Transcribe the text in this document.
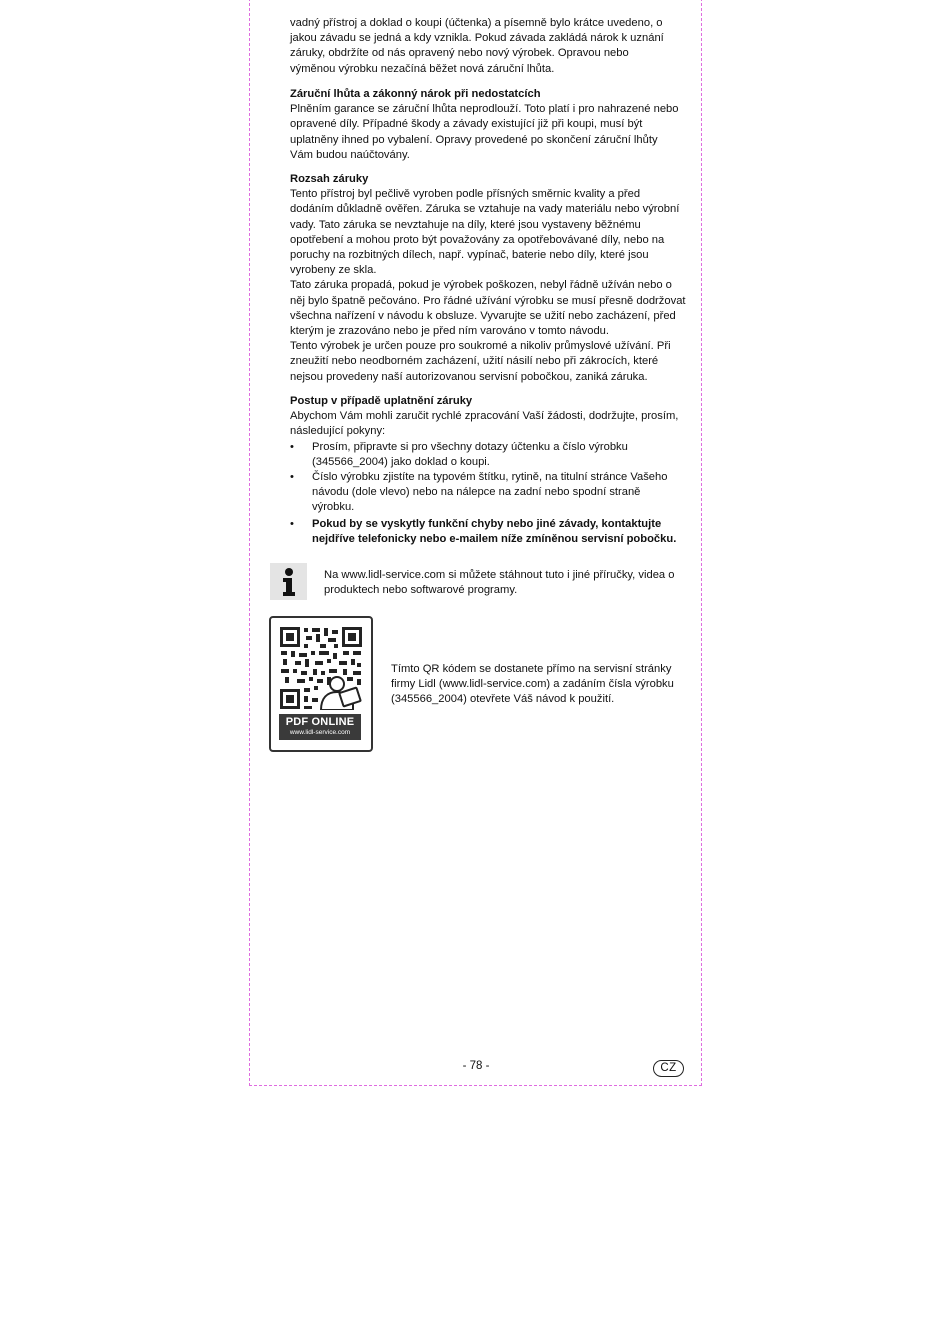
vadný přístroj a doklad o koupi (účtenka) a písemně bylo krátce uvedeno, o

jakou závadu se jedná a kdy vznikla. Pokud závada zakládá nárok k uznání

záruky, obdržíte od nás opravený nebo nový výrobek. Opravou nebo

výměnou výrobku nezačíná běžet nová záruční lhůta.

Záruční lhůta a zákonný nárok při nedostatcích

Plněním garance se záruční lhůta neprodlouží. Toto platí i pro nahrazené nebo

opravené díly. Případné škody a závady existující již při koupi, musí být

uplatněny ihned po vybalení. Opravy provedené po skončení záruční lhůty

Vám budou naúčtovány.

Rozsah záruky

Tento přístroj byl pečlivě vyroben podle přísných směrnic kvality a před

dodáním důkladně ověřen. Záruka se vztahuje na vady materiálu nebo výrobní

vady. Tato záruka se nevztahuje na díly, které jsou vystaveny běžnému

opotřebení a mohou proto být považovány za opotřebovávané díly, nebo na

poruchy na rozbitných dílech, např. vypínač, baterie nebo díly, které jsou

vyrobeny ze skla.

Tato záruka propadá, pokud je výrobek poškozen, nebyl řádně užíván nebo o

něj bylo špatně pečováno. Pro řádné užívání výrobku se musí přesně dodržovat

všechna nařízení v návodu k obsluze. Vyvarujte se užití nebo zacházení, před

kterým je zrazováno nebo je před ním varováno v tomto návodu.

Tento výrobek je určen pouze pro soukromé a nikoliv průmyslové užívání. Při

zneužití nebo neodborném zacházení, užití násilí nebo při zákrocích, které

nejsou provedeny naší autorizovanou servisní pobočkou, zaniká záruka.

Postup v případě uplatnění záruky

Abychom Vám mohli zaručit rychlé zpracování Vaší žádosti, dodržujte, prosím,

následující pokyny:

• Prosím, připravte si pro všechny dotazy účtenku a číslo výrobku
(345566_2004) jako doklad o koupi.
• Číslo výrobku zjistíte na typovém štítku, rytině, na titulní stránce Vašeho
návodu (dole vlevo) nebo na nálepce na zadní nebo spodní straně
výrobku.
• Pokud by se vyskytly funkční chyby nebo jiné závady, kontaktujte
nejdříve telefonicky nebo e-mailem níže zmíněnou servisní pobočku.
Na www.lidl-service.com si můžete stáhnout tuto i jiné příručky, videa o
produktech nebo softwarové programy.
PDF ONLINE
www.lidl-service.com
Tímto QR kódem se dostanete přímo na servisní stránky
firmy Lidl (www.lidl-service.com) a zadáním čísla výrobku
(345566_2004) otevřete Váš návod k použití.
- 78 -	CZ
